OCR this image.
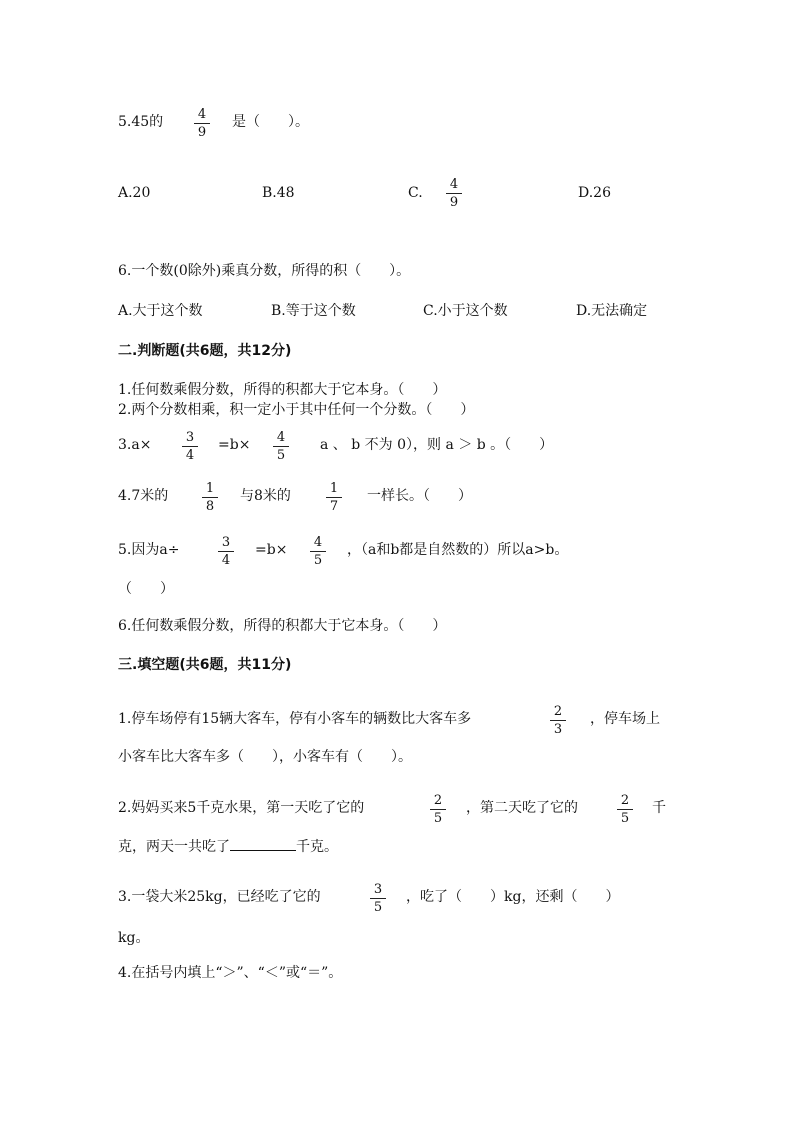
5.45的	4
9
是（　　）。
A.20	B.48	C.
4
9
D.26
6.一个数(0除外)乘真分数，所得的积（　　）。
A.大于这个数	B.等于这个数	C.小于这个数	D.无法确定
二.判断题(共6题，共12分)
1.任何数乘假分数，所得的积都大于它本身。（　　）
2.两个分数相乘，积一定小于其中任何一个分数。（　　）
3.a×	3
4
=b×	4
5
a 、 b 不为 0），则 a ＞ b 。（　　）
4.7米的	1
8
与8米的	1
7
一样长。（　　）
5.因为a÷	3
4
=b×	4
5
，（a和b都是自然数的）所以a>b。
（　　）
6.任何数乘假分数，所得的积都大于它本身。（　　）
三.填空题(共6题，共11分)
1.停车场停有15辆大客车，停有小客车的辆数比大客车多	2
3
，停车场上
小客车比大客车多（　　），小客车有（　　）。
2.妈妈买来5千克水果，第一天吃了它的	2
5
，第二天吃了它的	2
5
千
克，两天一共吃了	千克。
3.一袋大米25kg，已经吃了它的	3
5
，吃了（　　）kg，还剩（　　）
kg。
4.在括号内填上“＞”、“＜”或“＝”。
